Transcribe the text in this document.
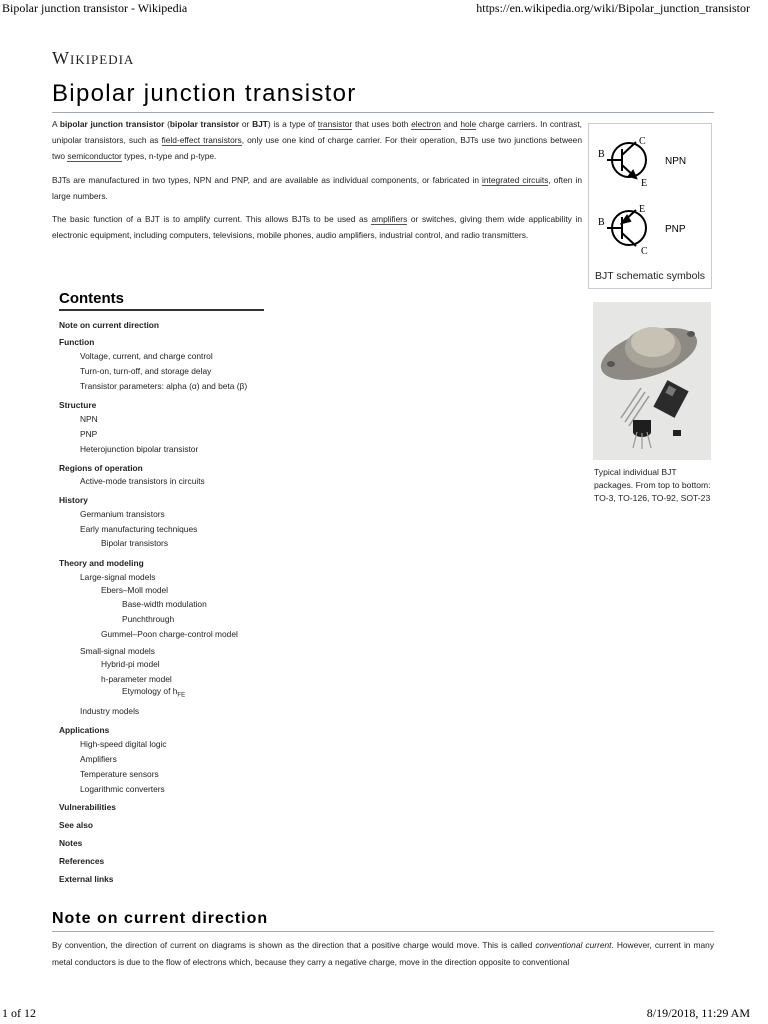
Bipolar junction transistor - Wikipedia	https://en.wikipedia.org/wiki/Bipolar_junction_transistor
Wikipedia
Bipolar junction transistor

A bipolar junction transistor (bipolar transistor or BJT) is a type of transistor that uses both electron and hole charge carriers. In contrast, unipolar transistors, such as field-effect transistors, only use one kind of charge carrier. For their operation, BJTs use two junctions between two semiconductor types, n-type and p-type.

BJTs are manufactured in two types, NPN and PNP, and are available as individual components, or fabricated in integrated circuits, often in large numbers.

The basic function of a BJT is to amplify current. This allows BJTs to be used as amplifiers or switches, giving them wide applicability in electronic equipment, including computers, televisions, mobile phones, audio amplifiers, industrial control, and radio transmitters.

B
C
E
NPN
B
E
C
PNP
BJT schematic symbols
Typical individual BJT packages. From top to bottom: TO-3, TO-126, TO-92, SOT-23
Contents
Note on current direction
Function
Voltage, current, and charge control
Turn-on, turn-off, and storage delay
Transistor parameters: alpha (α) and beta (β)
Structure
NPN
PNP
Heterojunction bipolar transistor
Regions of operation
Active-mode transistors in circuits
History
Germanium transistors
Early manufacturing techniques
Bipolar transistors
Theory and modeling
Large-signal models
Ebers–Moll model
Base-width modulation
Punchthrough
Gummel–Poon charge-control model
Small-signal models
Hybrid-pi model
h-parameter model
Etymology of $h_{FE}$
Industry models
Applications
High-speed digital logic
Amplifiers
Temperature sensors
Logarithmic converters
Vulnerabilities
See also
Notes
References
External links
Note on current direction

By convention, the direction of current on diagrams is shown as the direction that a positive charge would move. This is called conventional current. However, current in many metal conductors is due to the flow of electrons which, because they carry a negative charge, move in the direction opposite to conventional

1 of 12	8/19/2018, 11:29 AM
